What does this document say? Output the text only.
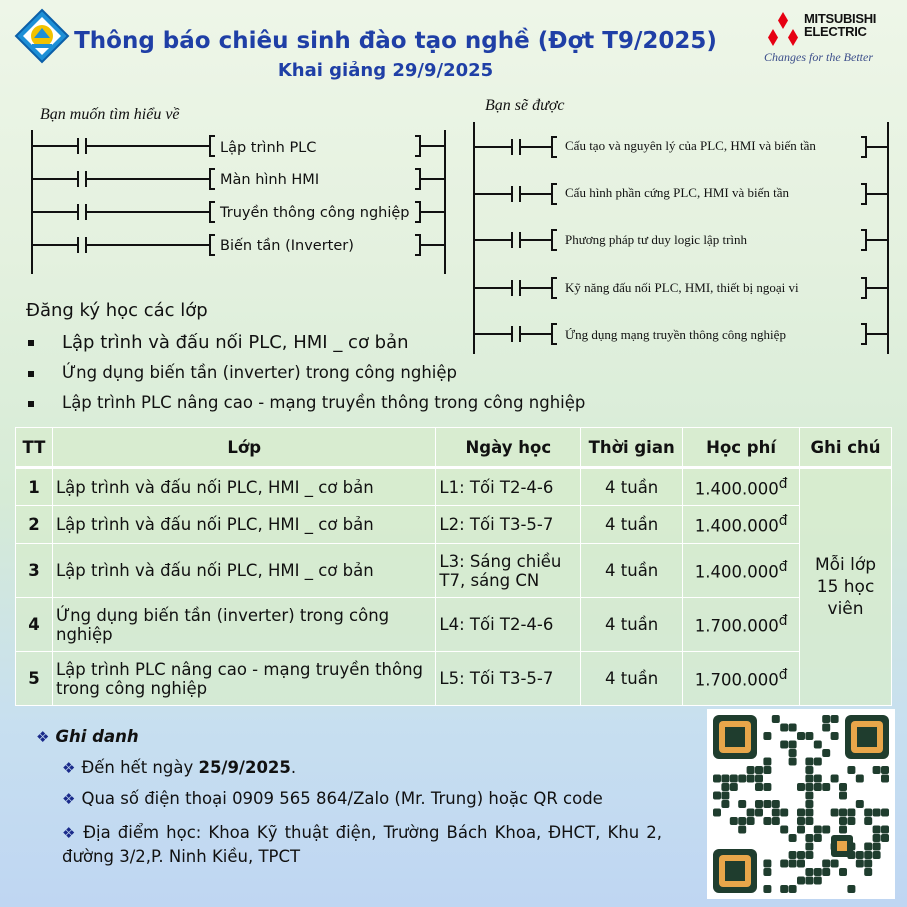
Thông báo chiêu sinh đào tạo nghề (Đợt T9/2025)
Khai giảng 29/9/2025
MITSUBISHI
ELECTRIC
Changes for the Better
Bạn muốn tìm hiểu về
Lập trình PLC
Màn hình HMI
Truyền thông công nghiệp
Biến tần (Inverter)
Bạn sẽ được
Cấu tạo và nguyên lý của PLC, HMI và biến tần
Cấu hình phần cứng PLC, HMI và biến tần
Phương pháp tư duy logic lập trình
Kỹ năng đấu nối PLC, HMI, thiết bị ngoại vi
Ứng dụng mạng truyền thông công nghiệp
Đăng ký học các lớp
Lập trình và đấu nối PLC, HMI _ cơ bản
Ứng dụng biến tần (inverter) trong công nghiệp
Lập trình PLC nâng cao - mạng truyền thông trong công nghiệp
TT	Lớp	Ngày học	Thời gian	Học phí	Ghi chú
1	Lập trình và đấu nối PLC, HMI _ cơ bản	L1: Tối T2-4-6	4 tuần	$1.400.000^đ$	Mỗi lớp 15 học viên
2	Lập trình và đấu nối PLC, HMI _ cơ bản	L2: Tối T3-5-7	4 tuần	$1.400.000^đ$
3	Lập trình và đấu nối PLC, HMI _ cơ bản	L3: Sáng chiều T7, sáng CN	4 tuần	$1.400.000^đ$
4	Ứng dụng biến tần (inverter) trong công nghiệp	L4: Tối T2-4-6	4 tuần	$1.700.000^đ$
5	Lập trình PLC nâng cao - mạng truyền thông trong công nghiệp	L5: Tối T3-5-7	4 tuần	$1.700.000^đ$
❖ Ghi danh
❖ Đến hết ngày 25/9/2025.
❖ Qua số điện thoại 0909 565 864/Zalo (Mr. Trung) hoặc QR code
❖ Địa điểm học: Khoa Kỹ thuật điện, Trường Bách Khoa, ĐHCT, Khu 2, đường 3/2,P. Ninh Kiều, TPCT
